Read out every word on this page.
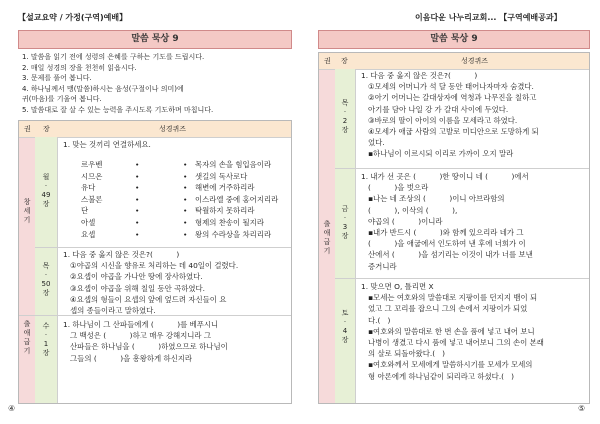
【설교요약 / 가정(구역)예배】
말씀 묵상 9
1. 말씀을 읽기 전에 성령의 은혜를 구하는 기도를 드립시다.
2. 매일 성경의 장을 천천히 읽읍시다.
3. 문제를 풀어 봅니다.
4. 하나님께서 맹(말씀)하시는 음성(구절이나 의미)에
귀(마음)를 기울여 봅니다.
5. 말씀대로 잘 살 수 있는 능력을 주시도록 기도하며 마칩니다.
권 장	성경퀴즈
창
세
기
월
·
49
장
1. 맞는 것끼리 연결하세요.
르우벤
시므온
유다
스불론
단
아셀
요셉
•
•
•
•
•
•
•
•
•
•
•
•
•
•
목자의 손을 힘입음이라
샛길의 독사로다
해변에 거주하리라
이스라엘 중에 홍어지리라
탁월하지 못하리라
형제의 찬송이 될지라
왕의 수라상을 차리리라
목
·
50
장
1. 다음 중 옳지 않은 것은?(          )
①야곱의 시신을 향유로 처리하는 데 40일이 걸렸다.
②요셉이 야곱을 가나안 땅에 장사하였다.
③요셉이 야곱을 위해 칠일 동안 곡하였다.
④요셉의 형들이 요셉의 앞에 엎드려 자신들이 요
셉의 종들이라고 말하였다.
출
애
굽
기
수
·
1
장
1. 하나님이 그 산파들에게 (          )를 베푸시니
그 백성은 (          )하고 매우 강해지니라 그
산파들은 하나님을 (          )하였으므로 하나님이
그들의 (          )을 흥왕하게 하신지라
④
이음다운 나누리교회... 【구역예배공과】
말씀 묵상 9
권 장	성경퀴즈
출
애
굽
기
목
·
2
장
1. 다음 중 옳지 않은 것은?(          )
①모세의 어머니가 석 달 동안 태어나자마자 숨겼다.
②아기 어머니는 갈대상자에 역청과 나무진을 칠하고
아기를 담아 나일 강 가 갈대 사이에 두었다.
③바로의 딸이 아이의 이름을 모세라고 하였다.
④모세가 애굽 사람의 고발로 미디안으로 도망하게 되
었다.
▪하나님이 이르시되 이리로 가까이 오지 말라
금
·
3
장
1. 내가 선 곳은 (          )한 땅이니 네 (          )에서
(          )을 벗으라
▪나는 네 조상의 (          )이니 아브라함의
(          ), 이삭의 (          ),
야곱의 (          )이니라
▪내가 반드시 (          )와 함께 있으리라 네가 그
(          )을 애굽에서 인도하여 낸 후에 너희가 이
산에서 (          )을 섬기리는 이것이 내가 너를 보낸
증거니라
토
·
4
장
1. 맞으면 O, 틀리면 X
▪모세는 여호와의 말씀대로 지팡이를 던지지 뱀이 되
었고 그 꼬리를 잡으니 그의 손에서 지팡이가 되었
다.(   )
▪여호와의 말씀대로 한 번 손을 품에 넣고 내어 보니
나병이 생겼고 다시 품에 넣고 내어보니 그의 손이 본래
의 살로 되돌아왔다.(   )
▪여호와께서 모세에게 말씀하시기를 모세가 모세의
형 아론에게 하나님같이 되리라고 하셨다.(   )
⑤
